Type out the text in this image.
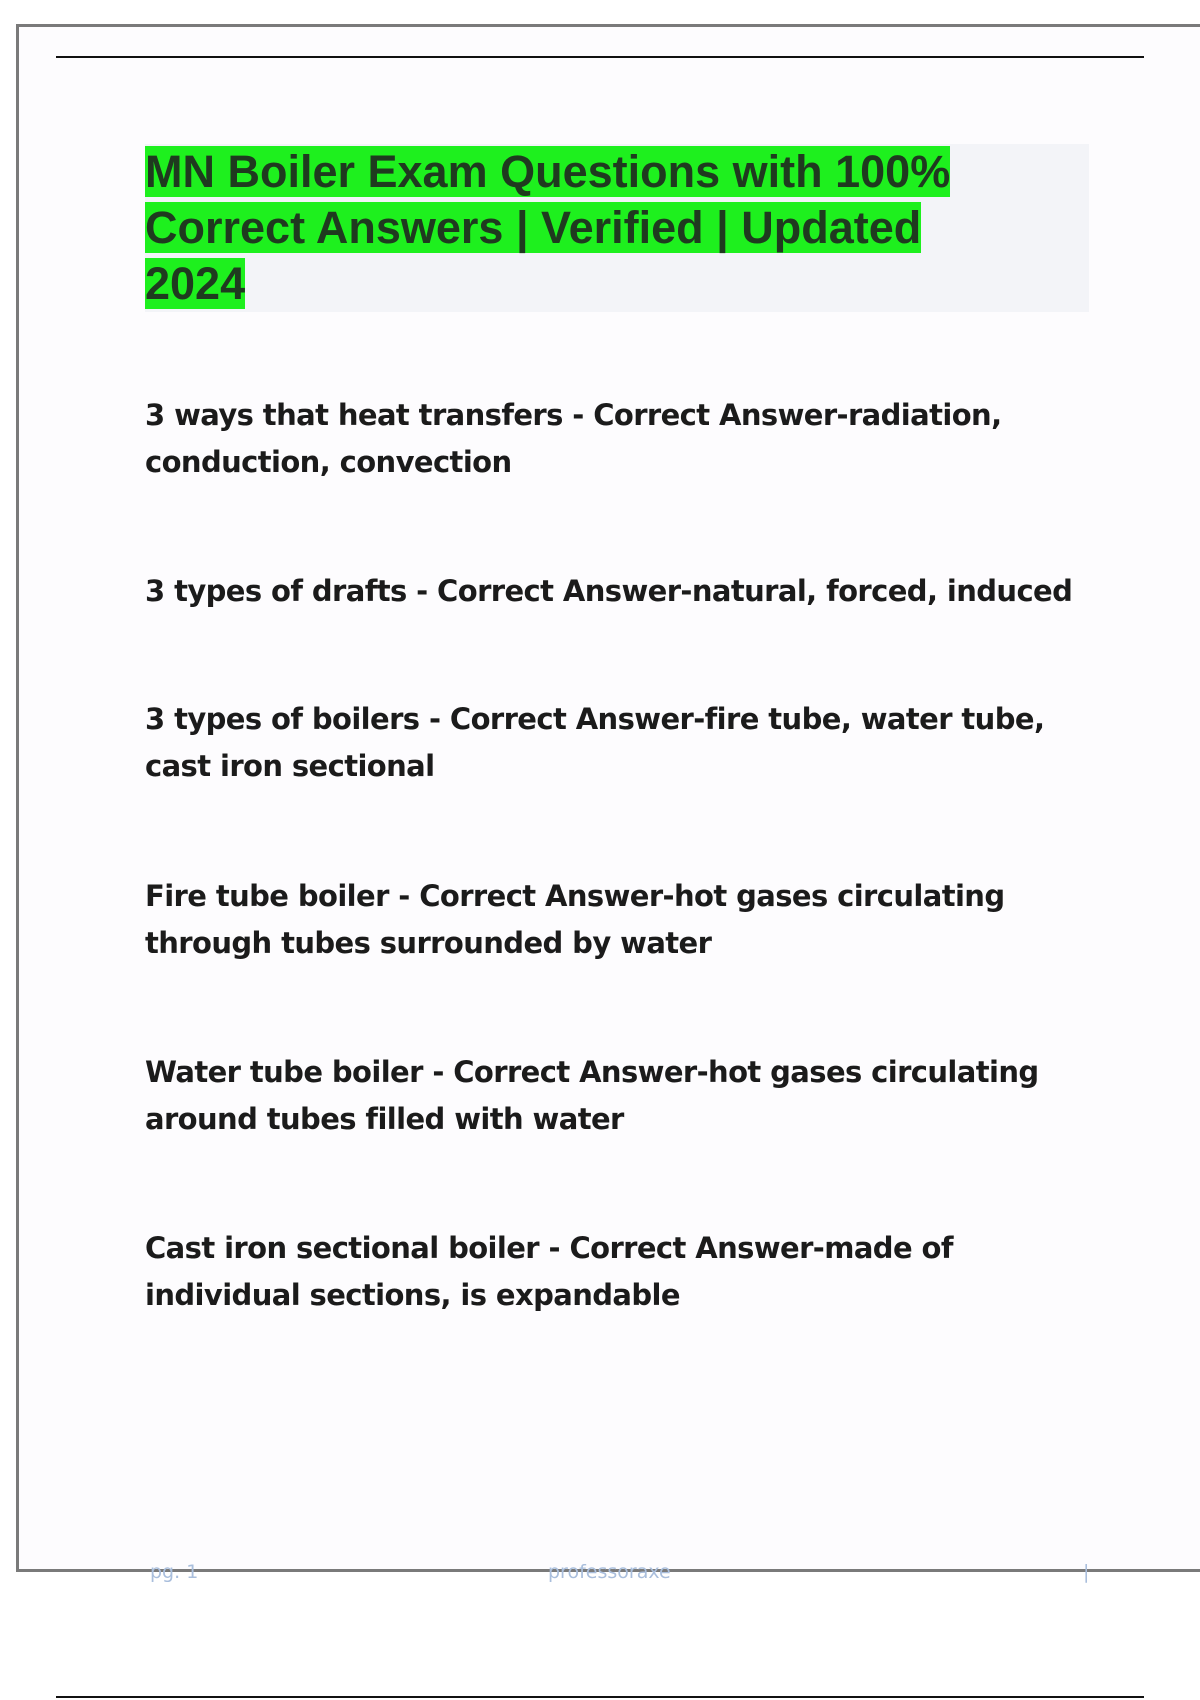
MN Boiler Exam Questions with 100% Correct Answers | Verified | Updated 2024

3 ways that heat transfers - Correct Answer-radiation, conduction, convection

3 types of drafts - Correct Answer-natural, forced, induced

3 types of boilers - Correct Answer-fire tube, water tube, cast iron sectional

Fire tube boiler - Correct Answer-hot gases circulating through tubes surrounded by water

Water tube boiler - Correct Answer-hot gases circulating around tubes filled with water

Cast iron sectional boiler - Correct Answer-made of individual sections, is expandable

pg. 1	professoraxe	|
